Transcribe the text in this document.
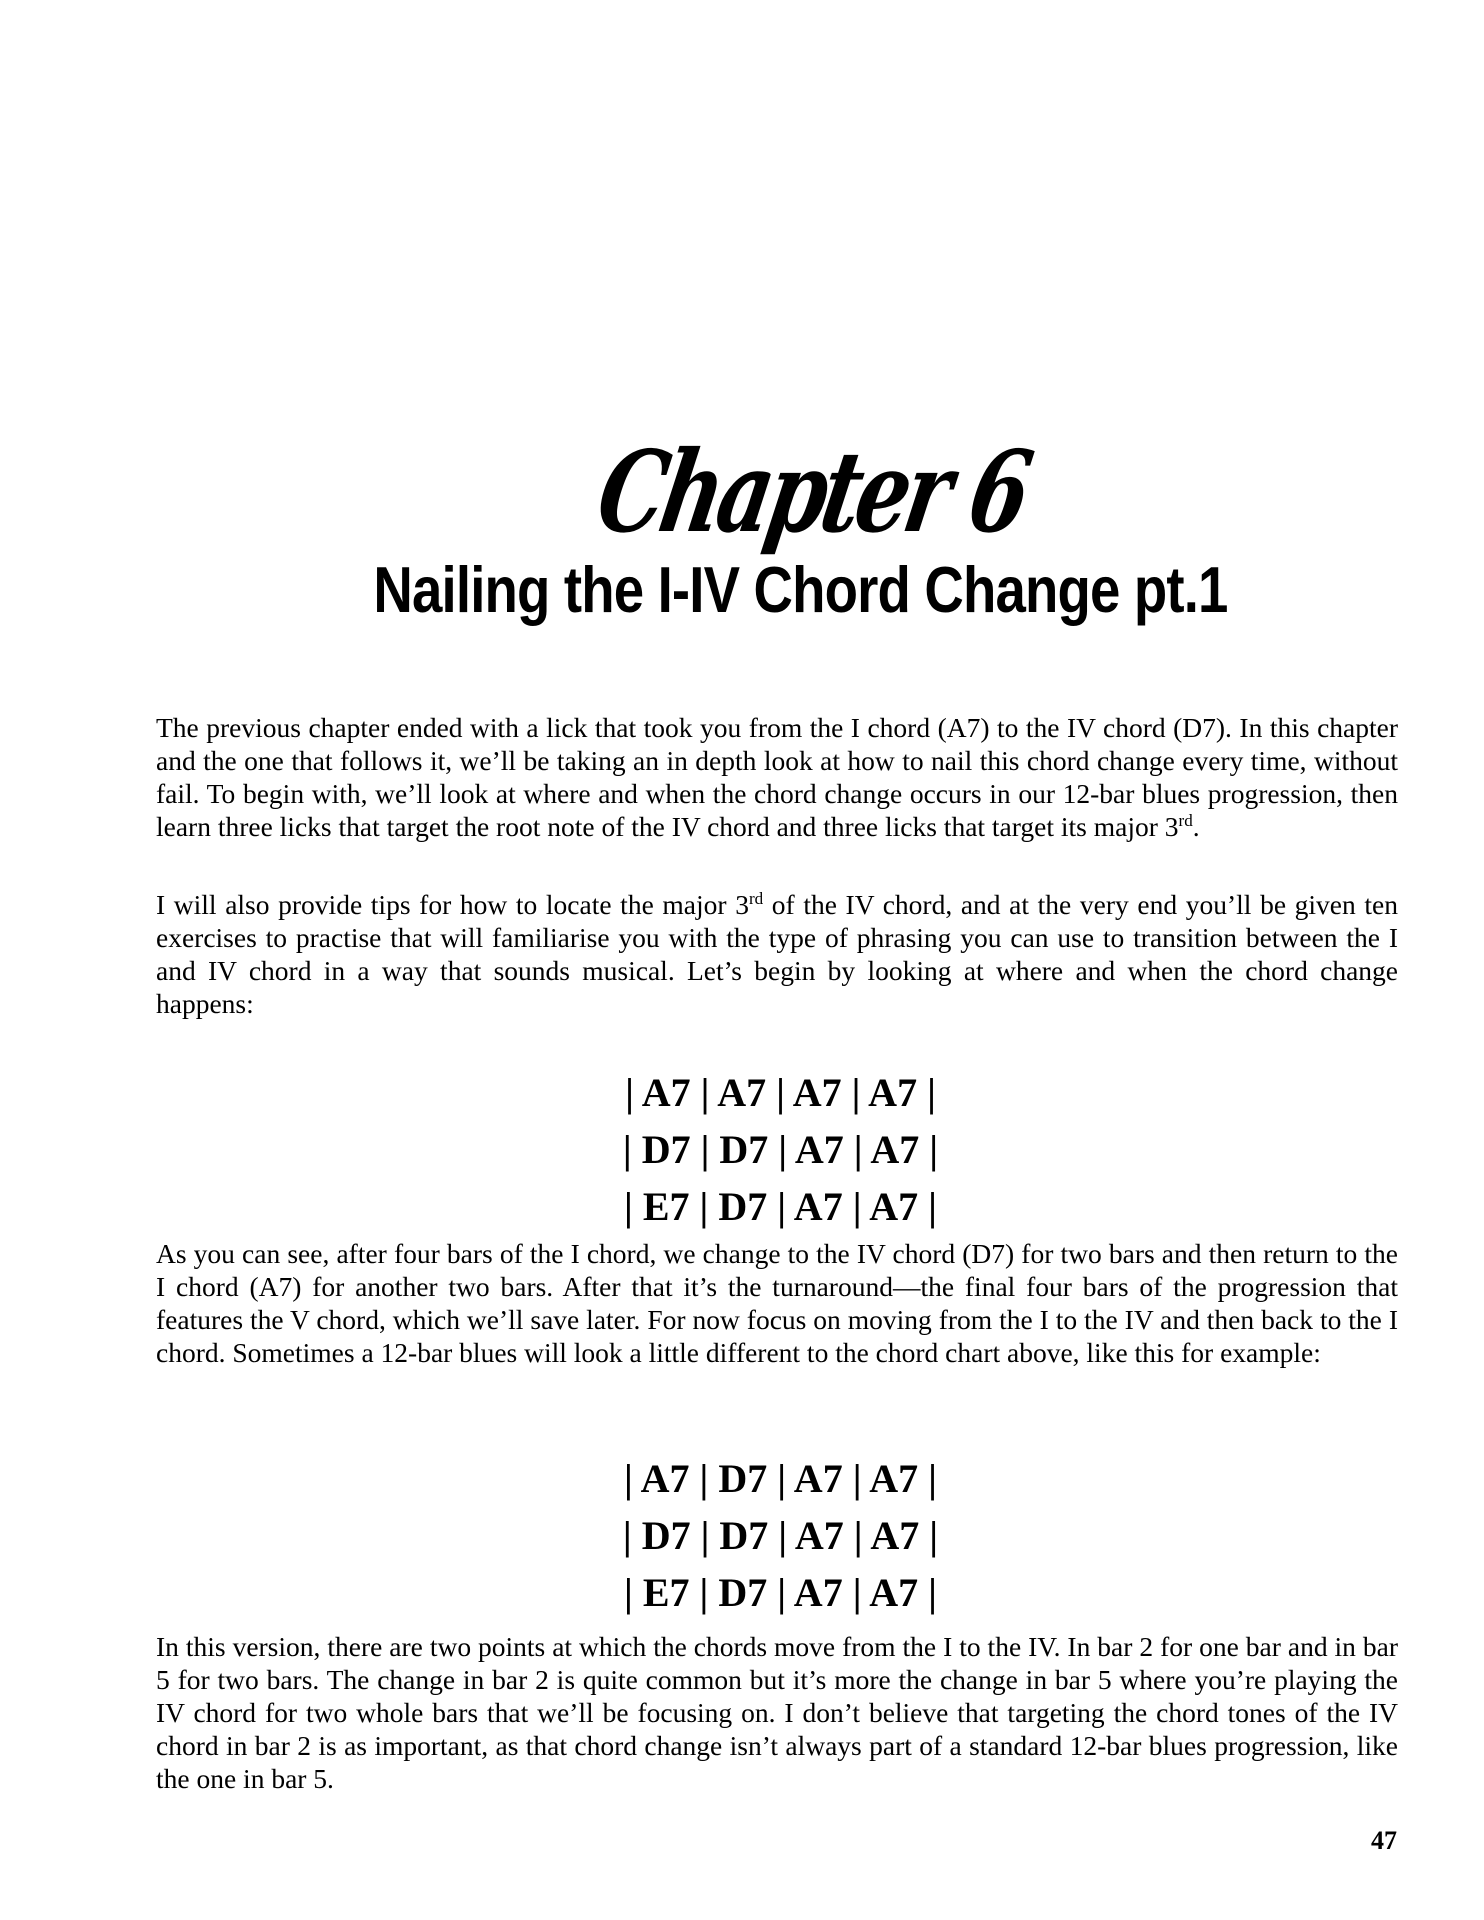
Chapter 6
Nailing the I-IV Chord Change pt.1

The previous chapter ended with a lick that took you from the I chord (A7) to the IV chord (D7). In this chapter and the one that follows it, we’ll be taking an in depth look at how to nail this chord change every time, without fail. To begin with, we’ll look at where and when the chord change occurs in our 12-bar blues progression, then learn three licks that target the root note of the IV chord and three licks that target its major 3rd.

I will also provide tips for how to locate the major 3rd of the IV chord, and at the very end you’ll be given ten exercises to practise that will familiarise you with the type of phrasing you can use to transition between the I and IV chord in a way that sounds musical. Let’s begin by looking at where and when the chord change happens:

| A7 | A7 | A7 | A7 |
| D7 | D7 | A7 | A7 |
| E7 | D7 | A7 | A7 |

As you can see, after four bars of the I chord, we change to the IV chord (D7) for two bars and then return to the I chord (A7) for another two bars. After that it’s the turnaround—the final four bars of the progression that features the V chord, which we’ll save later. For now focus on moving from the I to the IV and then back to the I chord. Sometimes a 12-bar blues will look a little different to the chord chart above, like this for example:

| A7 | D7 | A7 | A7 |
| D7 | D7 | A7 | A7 |
| E7 | D7 | A7 | A7 |

In this version, there are two points at which the chords move from the I to the IV. In bar 2 for one bar and in bar 5 for two bars. The change in bar 2 is quite common but it’s more the change in bar 5 where you’re playing the IV chord for two whole bars that we’ll be focusing on. I don’t believe that targeting the chord tones of the IV chord in bar 2 is as important, as that chord change isn’t always part of a standard 12-bar blues progression, like the one in bar 5.

47
